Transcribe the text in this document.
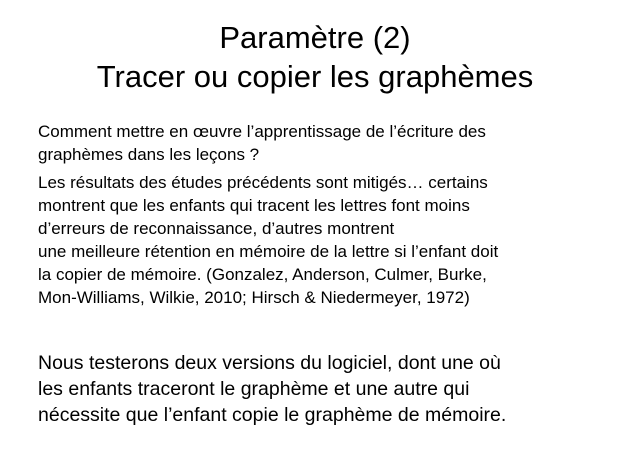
Paramètre (2)
Tracer ou copier les graphèmes
Comment mettre en œuvre l’apprentissage de l’écriture des
graphèmes dans les leçons ?
Les résultats des études précédents sont mitigés… certains
montrent que les enfants qui tracent les lettres font moins
d’erreurs de reconnaissance, d’autres montrent
une meilleure rétention en mémoire de la lettre si l’enfant doit
la copier de mémoire. (Gonzalez, Anderson, Culmer, Burke,
Mon-Williams, Wilkie, 2010; Hirsch & Niedermeyer, 1972)
Nous testerons deux versions du logiciel, dont une où
les enfants traceront le graphème et une autre qui
nécessite que l’enfant copie le graphème de mémoire.
